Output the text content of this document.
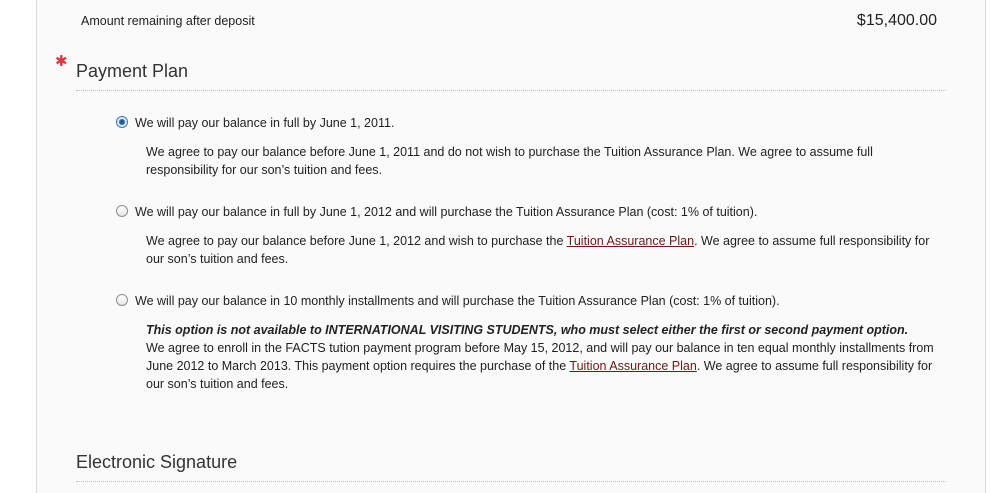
Amount remaining after deposit	$15,400.00
✱ Payment Plan
We will pay our balance in full by June 1, 2011.
We agree to pay our balance before June 1, 2011 and do not wish to purchase the Tuition Assurance Plan. We agree to assume full responsibility for our son’s tuition and fees.
We will pay our balance in full by June 1, 2012 and will purchase the Tuition Assurance Plan (cost: 1% of tuition).
We agree to pay our balance before June 1, 2012 and wish to purchase the Tuition Assurance Plan. We agree to assume full responsibility for our son’s tuition and fees.
We will pay our balance in 10 monthly installments and will purchase the Tuition Assurance Plan (cost: 1% of tuition).
This option is not available to INTERNATIONAL VISITING STUDENTS, who must select either the first or second payment option.
We agree to enroll in the FACTS tution payment program before May 15, 2012, and will pay our balance in ten equal monthly installments from June 2012 to March 2013. This payment option requires the purchase of the Tuition Assurance Plan. We agree to assume full responsibility for our son’s tuition and fees.
Electronic Signature
